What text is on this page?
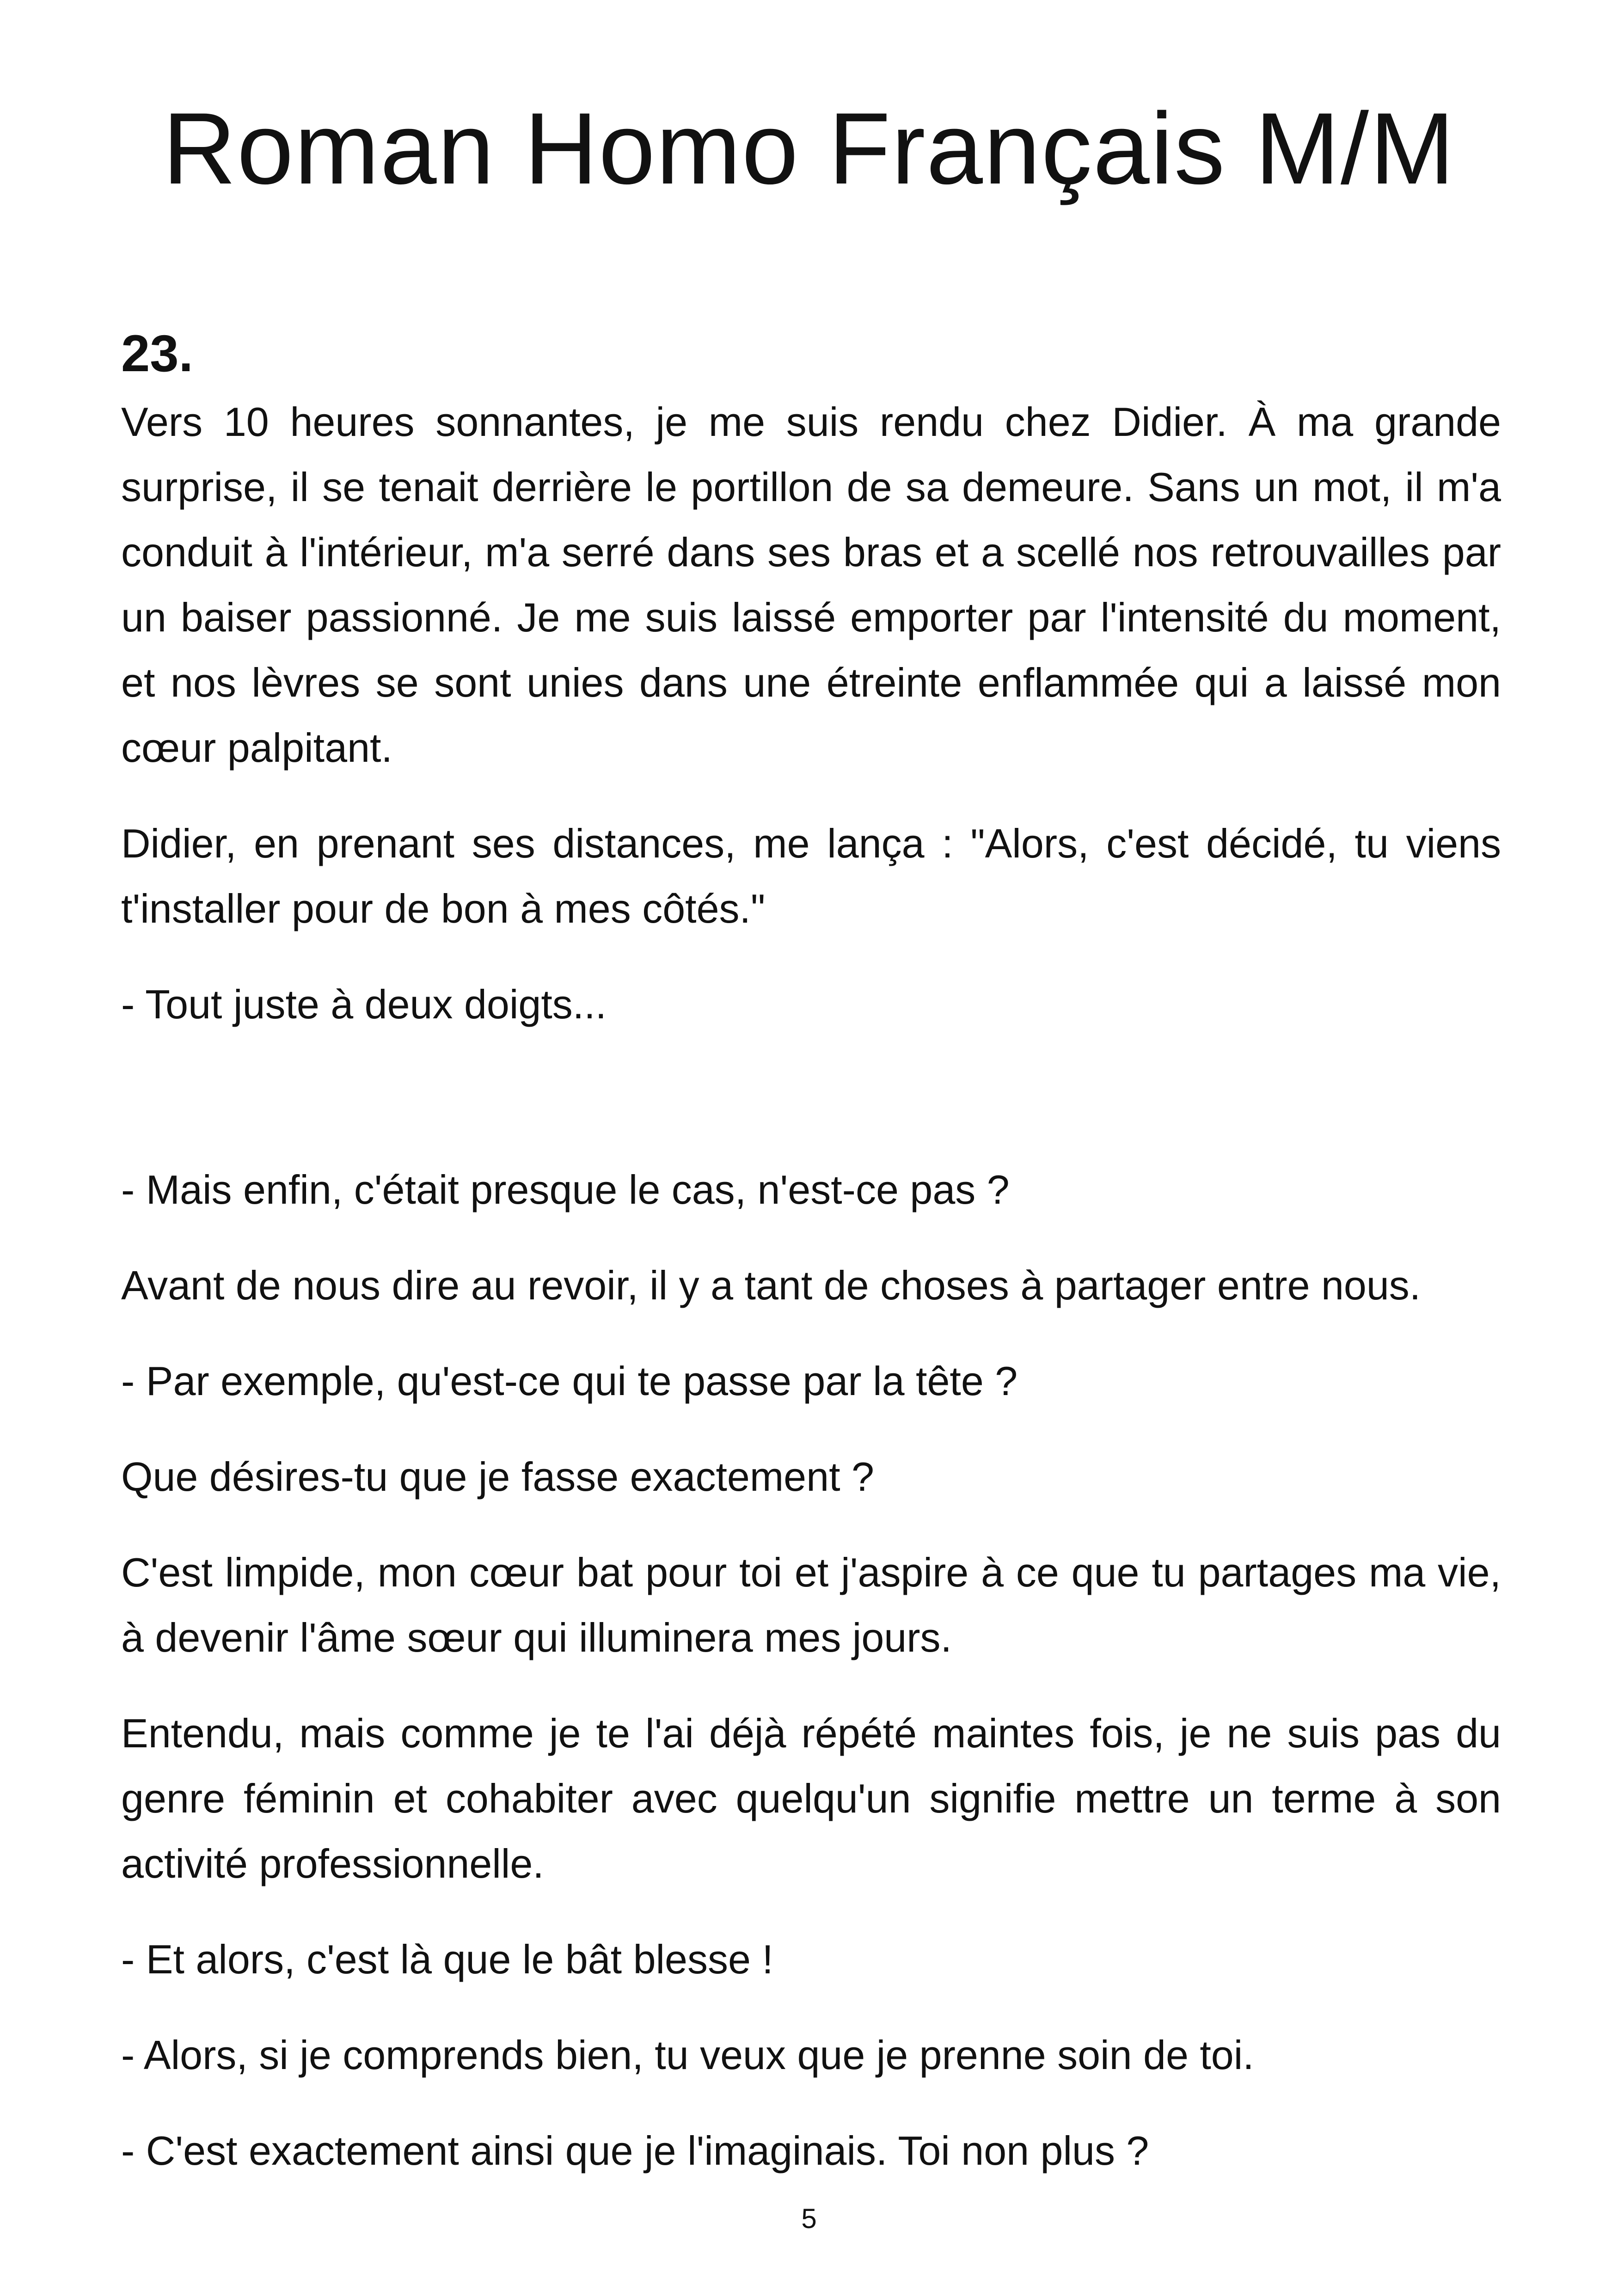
Roman Homo Français M/M
23.

Vers 10 heures sonnantes, je me suis rendu chez Didier. À ma grande surprise, il se tenait derrière le portillon de sa demeure. Sans un mot, il m'a conduit à l'intérieur, m'a serré dans ses bras et a scellé nos retrouvailles par un baiser passionné. Je me suis laissé emporter par l'intensité du moment, et nos lèvres se sont unies dans une étreinte enflammée qui a laissé mon cœur palpitant.

Didier, en prenant ses distances, me lança : "Alors, c'est décidé, tu viens t'installer pour de bon à mes côtés."

- Tout juste à deux doigts...

- Mais enfin, c'était presque le cas, n'est-ce pas ?

Avant de nous dire au revoir, il y a tant de choses à partager entre nous.

- Par exemple, qu'est-ce qui te passe par la tête ?

Que désires-tu que je fasse exactement ?

C'est limpide, mon cœur bat pour toi et j'aspire à ce que tu partages ma vie, à devenir l'âme sœur qui illuminera mes jours.

Entendu, mais comme je te l'ai déjà répété maintes fois, je ne suis pas du genre féminin et cohabiter avec quelqu'un signifie mettre un terme à son activité professionnelle.

- Et alors, c'est là que le bât blesse !

- Alors, si je comprends bien, tu veux que je prenne soin de toi.

- C'est exactement ainsi que je l'imaginais. Toi non plus ?

5
